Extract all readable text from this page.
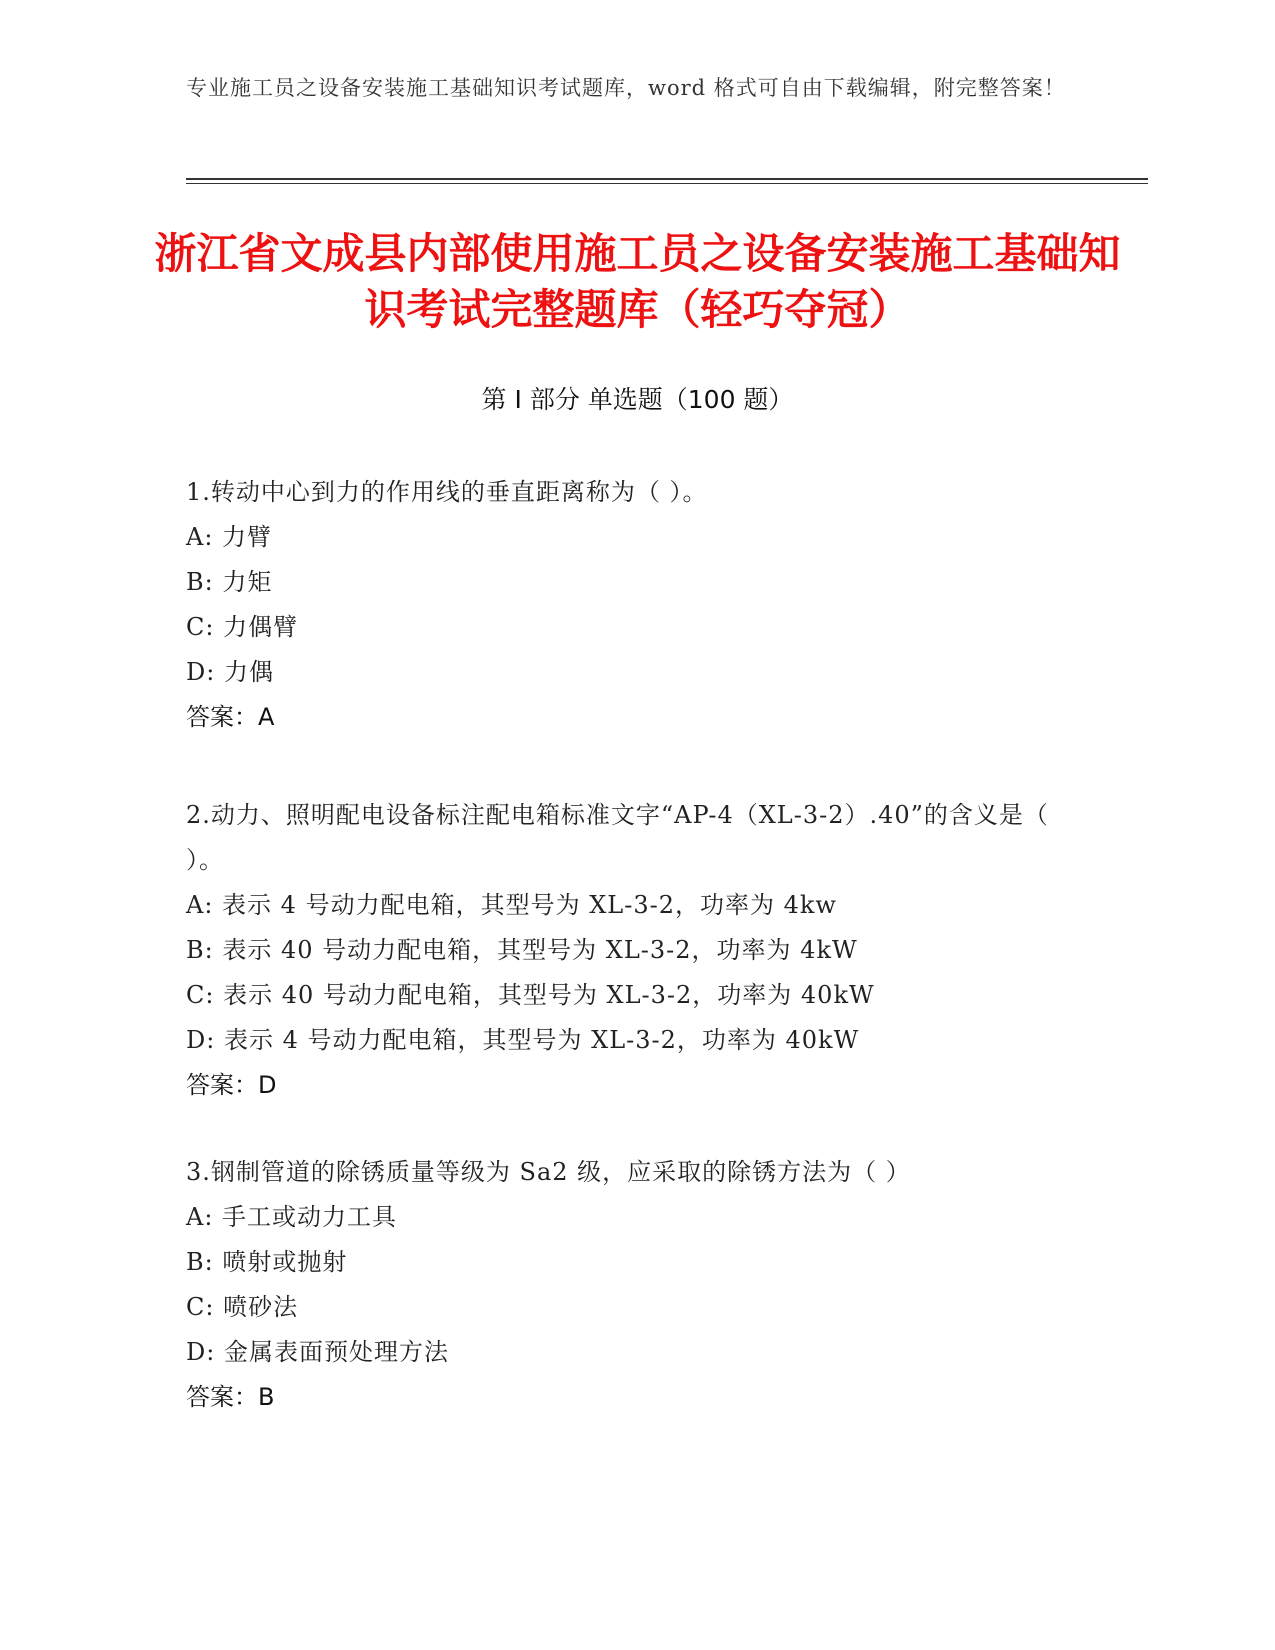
专业施工员之设备安装施工基础知识考试题库，word 格式可自由下载编辑，附完整答案！
浙江省文成县内部使用施工员之设备安装施工基础知识考试完整题库（轻巧夺冠）
第 I 部分 单选题（100 题）
1.转动中心到力的作用线的垂直距离称为（ ）。
A: 力臂
B: 力矩
C: 力偶臂
D: 力偶
答案：A
2.动力、照明配电设备标注配电箱标准文字“AP-4（XL-3-2）.40”的含义是（ ）。
A: 表示 4 号动力配电箱，其型号为 XL-3-2，功率为 4kw
B: 表示 40 号动力配电箱，其型号为 XL-3-2，功率为 4kW
C: 表示 40 号动力配电箱，其型号为 XL-3-2，功率为 40kW
D: 表示 4 号动力配电箱，其型号为 XL-3-2，功率为 40kW
答案：D
3.钢制管道的除锈质量等级为 Sa2 级，应采取的除锈方法为（ ）
A: 手工或动力工具
B: 喷射或抛射
C: 喷砂法
D: 金属表面预处理方法
答案：B
